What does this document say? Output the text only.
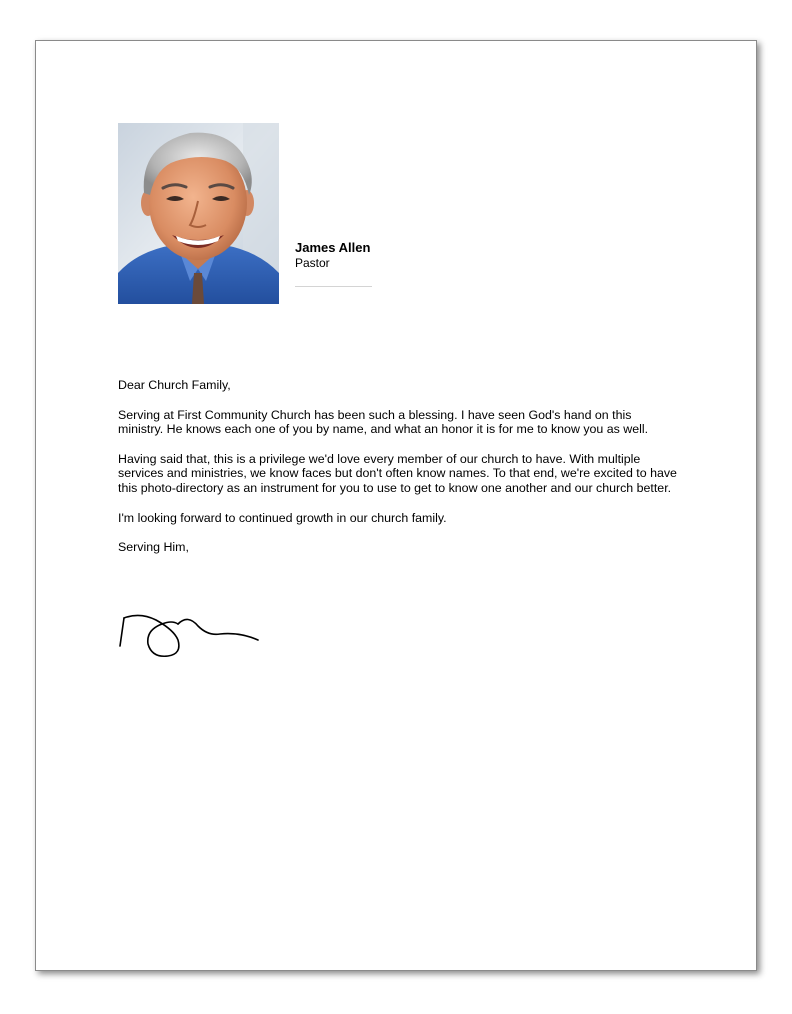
James Allen
Pastor

Dear Church Family,

Serving at First Community Church has been such a blessing. I have seen God's hand on this ministry. He knows each one of you by name, and what an honor it is for me to know you as well.

Having said that, this is a privilege we'd love every member of our church to have. With multiple services and ministries, we know faces but don't often know names. To that end, we're excited to have this photo-directory as an instrument for you to use to get to know one another and our church better.

I'm looking forward to continued growth in our church family.

Serving Him,
